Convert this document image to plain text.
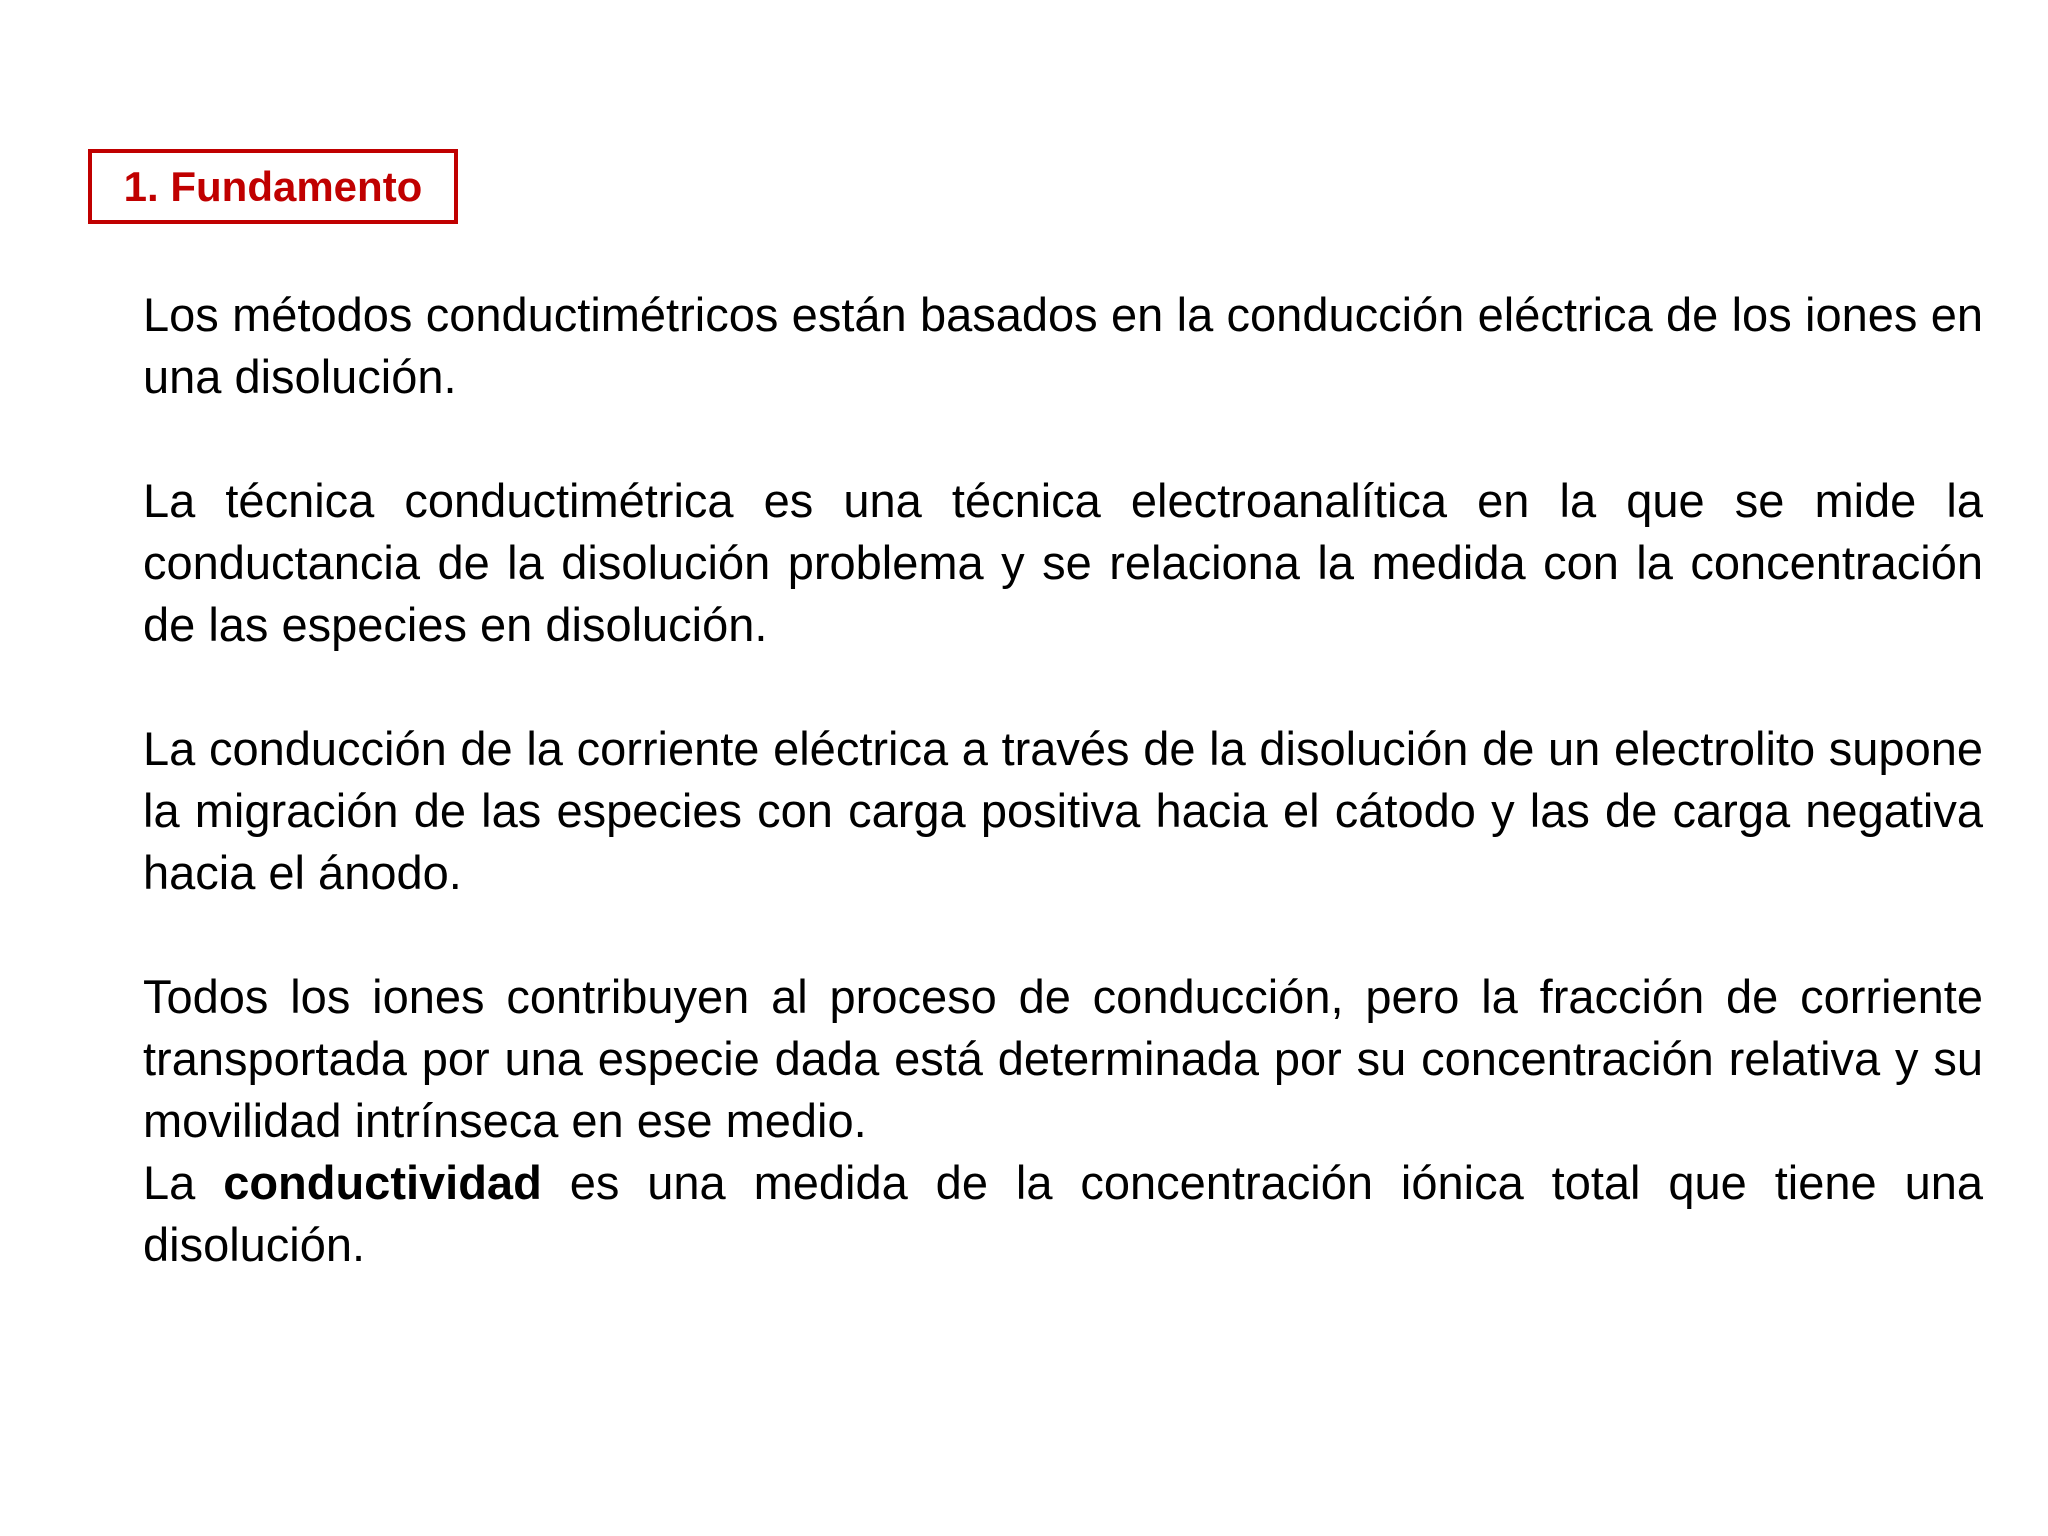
1. Fundamento

Los métodos conductimétricos están basados en la conducción eléctrica de los iones en una disolución.

La técnica conductimétrica es una técnica electroanalítica en la que se mide la conductancia de la disolución problema y se relaciona la medida con la concentración de las especies en disolución.

La conducción de la corriente eléctrica a través de la disolución de un electrolito supone la migración de las especies con carga positiva hacia el cátodo y las de carga negativa hacia el ánodo.

Todos los iones contribuyen al proceso de conducción, pero la fracción de corriente transportada por una especie dada está determinada por su concentración relativa y su movilidad intrínseca en ese medio.

La conductividad es una medida de la concentración iónica total que tiene una disolución.
